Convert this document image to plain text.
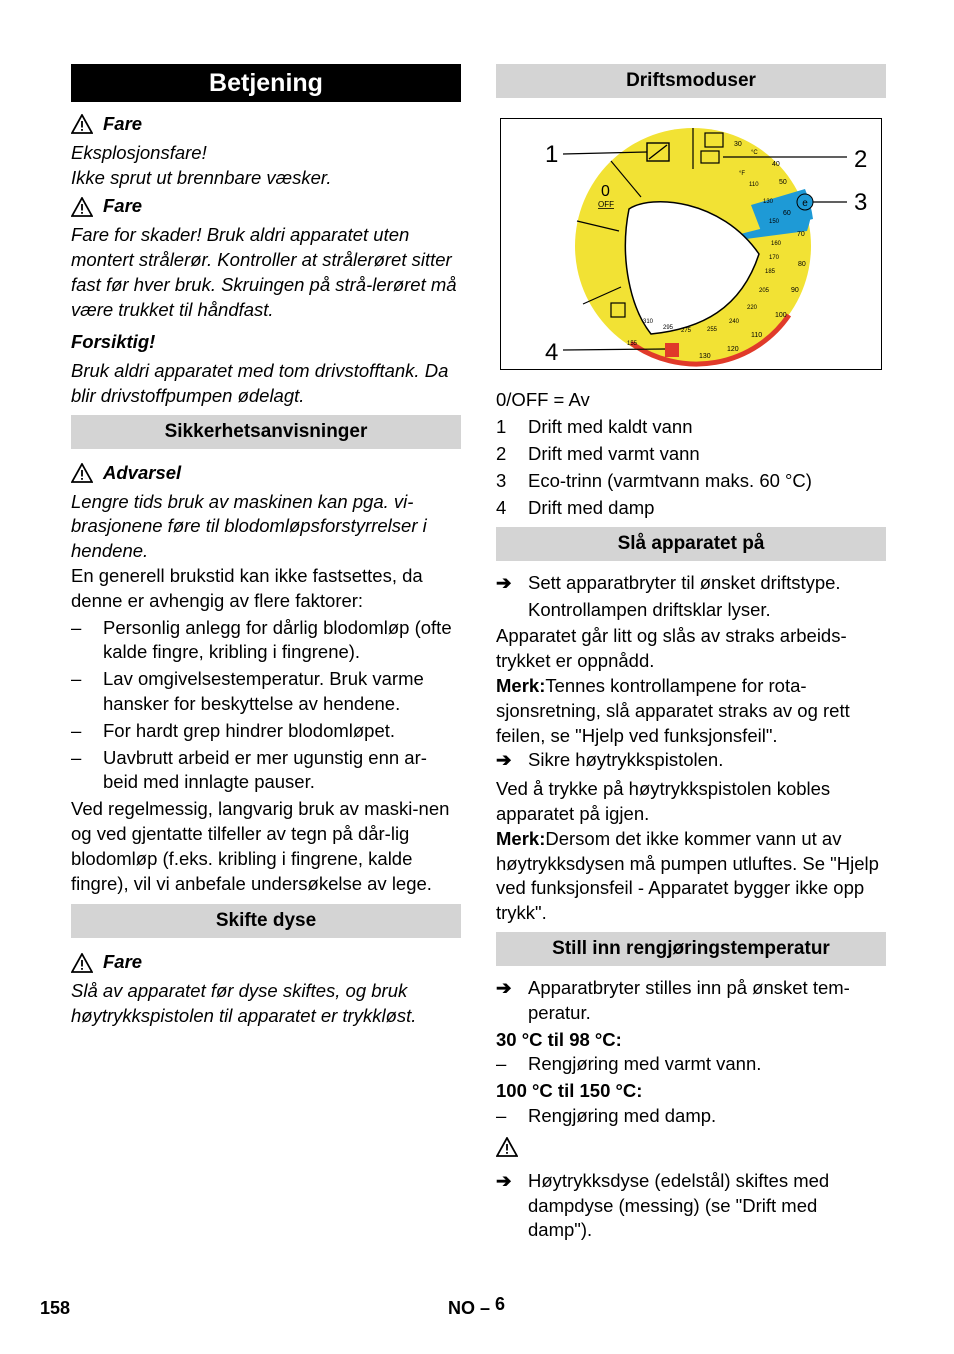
Betjening
Fare
Eksplosjonsfare!
Ikke sprut ut brennbare væsker.
Fare
Fare for skader! Bruk aldri apparatet uten montert strålerør. Kontroller at strålerøret sitter fast før hver bruk. Skruingen på strå-lerøret må være trukket til håndfast.
Forsiktig!
Bruk aldri apparatet med tom drivstofftank. Da blir drivstoffpumpen ødelagt.
Sikkerhetsanvisninger
Advarsel
Lengre tids bruk av maskinen kan pga. vi-brasjonene føre til blodomløpsforstyrrelser i hendene.
En generell brukstid kan ikke fastsettes, da denne er avhengig av flere faktorer:
–	Personlig anlegg for dårlig blodomløp (ofte kalde fingre, kribling i fingrene).
–	Lav omgivelsestemperatur. Bruk varme hansker for beskyttelse av hendene.
–	For hardt grep hindrer blodomløpet.
–	Uavbrutt arbeid er mer ugunstig enn ar-beid med innlagte pauser.
Ved regelmessig, langvarig bruk av maski-nen og ved gjentatte tilfeller av tegn på dår-lig blodomløp (f.eks. kribling i fingrene, kalde fingre), vil vi anbefale undersøkelse av lege.
Skifte dyse
Fare
Slå av apparatet før dyse skiftes, og bruk høytrykkspistolen til apparatet er trykkløst.
Driftsmoduser
e
0
OFF
30
40
50
60
70
80
90
100
110
120
130
110
130
150
160
170
185
205
220
240
255
275
295
310
155
°C
°F
1	2
3
4
0/OFF = Av
1	Drift med kaldt vann
2	Drift med varmt vann
3	Eco-trinn (varmtvann maks. 60 °C)
4	Drift med damp
Slå apparatet på
➔ Sett apparatbryter til ønsket driftstype.
Kontrollampen driftsklar lyser.
Apparatet går litt og slås av straks arbeids-trykket er oppnådd.
Merk:Tennes kontrollampene for rota-sjonsretning, slå apparatet straks av og rett feilen, se "Hjelp ved funksjonsfeil".
➔ Sikre høytrykkspistolen.
Ved å trykke på høytrykkspistolen kobles apparatet på igjen.
Merk:Dersom det ikke kommer vann ut av høytrykksdysen må pumpen utluftes. Se "Hjelp ved funksjonsfeil - Apparatet bygger ikke opp trykk".
Still inn rengjøringstemperatur
➔ Apparatbryter stilles inn på ønsket tem-peratur.
30 °C til 98 °C:
–	Rengjøring med varmt vann.
100 °C til 150 °C:
–	Rengjøring med damp.
➔ Høytrykksdyse (edelstål) skiftes med dampdyse (messing) (se "Drift med damp").
158	NO – 6
